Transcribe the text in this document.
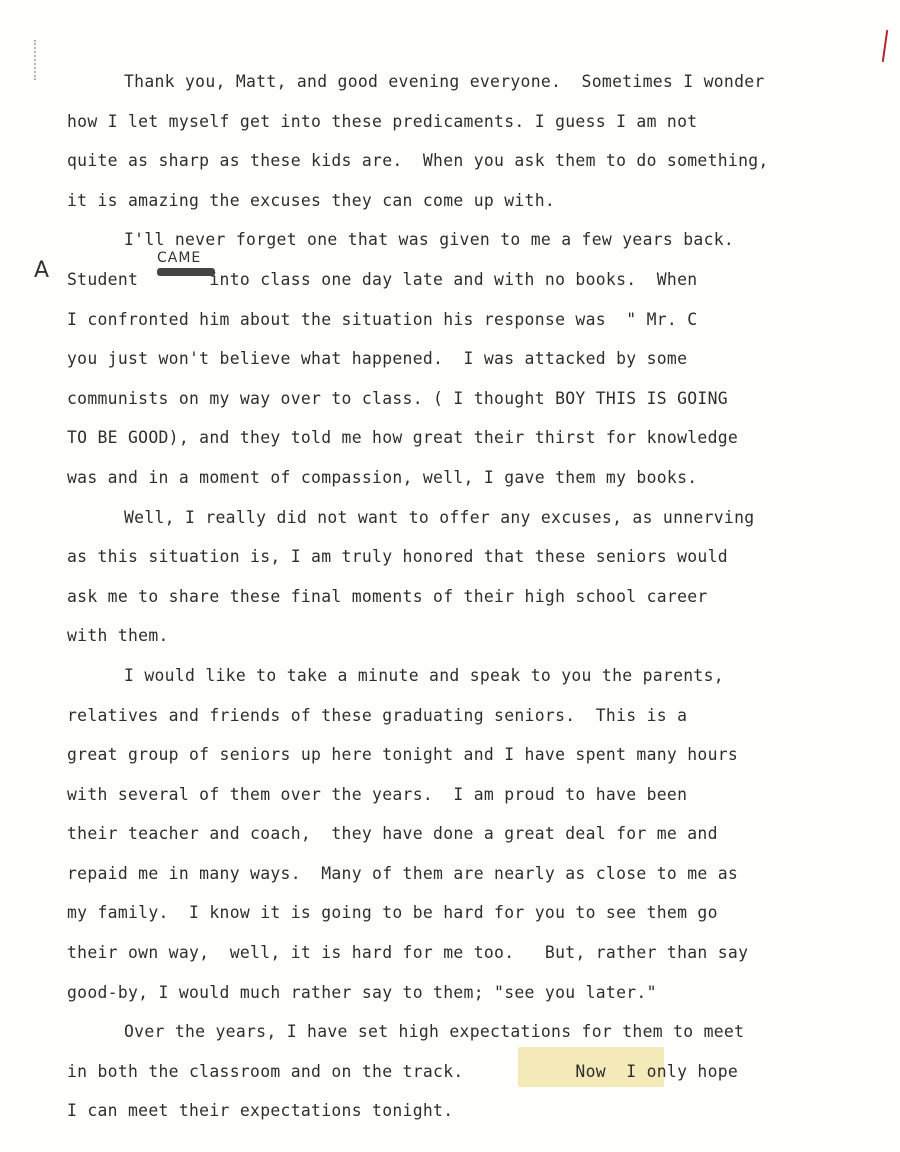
A	CAME
Thank you, Matt, and good evening everyone.  Sometimes I wonder
how I let myself get into these predicaments. I guess I am not
quite as sharp as these kids are.  When you ask them to do something,
it is amazing the excuses they can come up with.
I'll never forget one that was given to me a few years back.
Student       into class one day late and with no books.  When
I confronted him about the situation his response was  " Mr. C
you just won't believe what happened.  I was attacked by some
communists on my way over to class. ( I thought BOY THIS IS GOING
TO BE GOOD), and they told me how great their thirst for knowledge
was and in a moment of compassion, well, I gave them my books.
Well, I really did not want to offer any excuses, as unnerving
as this situation is, I am truly honored that these seniors would
ask me to share these final moments of their high school career
with them.
I would like to take a minute and speak to you the parents,
relatives and friends of these graduating seniors.  This is a
great group of seniors up here tonight and I have spent many hours
with several of them over the years.  I am proud to have been
their teacher and coach,  they have done a great deal for me and
repaid me in many ways.  Many of them are nearly as close to me as
my family.  I know it is going to be hard for you to see them go
their own way,  well, it is hard for me too.   But, rather than say
good-by, I would much rather say to them; "see you later."
Over the years, I have set high expectations for them to meet
in both the classroom and on the track.           Now  I only hope
I can meet their expectations tonight.
